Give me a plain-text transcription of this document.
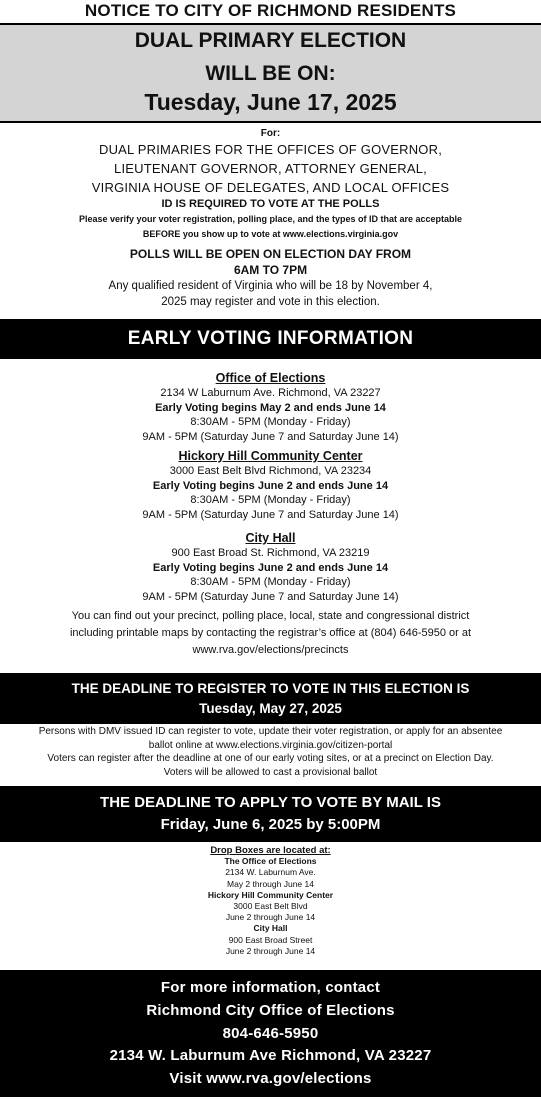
NOTICE TO CITY OF RICHMOND RESIDENTS
DUAL PRIMARY ELECTION
WILL BE ON:
Tuesday, June 17, 2025
For:
DUAL PRIMARIES FOR THE OFFICES OF GOVERNOR,
LIEUTENANT GOVERNOR, ATTORNEY GENERAL,
VIRGINIA HOUSE OF DELEGATES, AND LOCAL OFFICES
ID IS REQUIRED TO VOTE AT THE POLLS
Please verify your voter registration, polling place, and the types of ID that are acceptable
BEFORE you show up to vote at www.elections.virginia.gov
POLLS WILL BE OPEN ON ELECTION DAY FROM
6AM TO 7PM
Any qualified resident of Virginia who will be 18 by November 4,
2025 may register and vote in this election.
EARLY VOTING INFORMATION
Office of Elections
2134 W Laburnum Ave. Richmond, VA 23227
Early Voting begins May 2 and ends June 14
8:30AM - 5PM (Monday - Friday)
9AM - 5PM (Saturday June 7 and Saturday June 14)
Hickory Hill Community Center
3000 East Belt Blvd Richmond, VA 23234
Early Voting begins June 2 and ends June 14
8:30AM - 5PM (Monday - Friday)
9AM - 5PM (Saturday June 7 and Saturday June 14)
City Hall
900 East Broad St. Richmond, VA 23219
Early Voting begins June 2 and ends June 14
8:30AM - 5PM (Monday - Friday)
9AM - 5PM (Saturday June 7 and Saturday June 14)
You can find out your precinct, polling place, local, state and congressional district
including printable maps by contacting the registrar’s office at (804) 646-5950 or at
www.rva.gov/elections/precincts
THE DEADLINE TO REGISTER TO VOTE IN THIS ELECTION IS
Tuesday, May 27, 2025
Persons with DMV issued ID can register to vote, update their voter registration, or apply for an absentee
ballot online at www.elections.virginia.gov/citizen-portal
Voters can register after the deadline at one of our early voting sites, or at a precinct on Election Day.
Voters will be allowed to cast a provisional ballot
THE DEADLINE TO APPLY TO VOTE BY MAIL IS
Friday, June 6, 2025 by 5:00PM
Drop Boxes are located at:
The Office of Elections
2134 W. Laburnum Ave.
May 2 through June 14
Hickory Hill Community Center
3000 East Belt Blvd
June 2 through June 14
City Hall
900 East Broad Street
June 2 through June 14
For more information, contact
Richmond City Office of Elections
804-646-5950
2134 W. Laburnum Ave Richmond, VA 23227
Visit www.rva.gov/elections
